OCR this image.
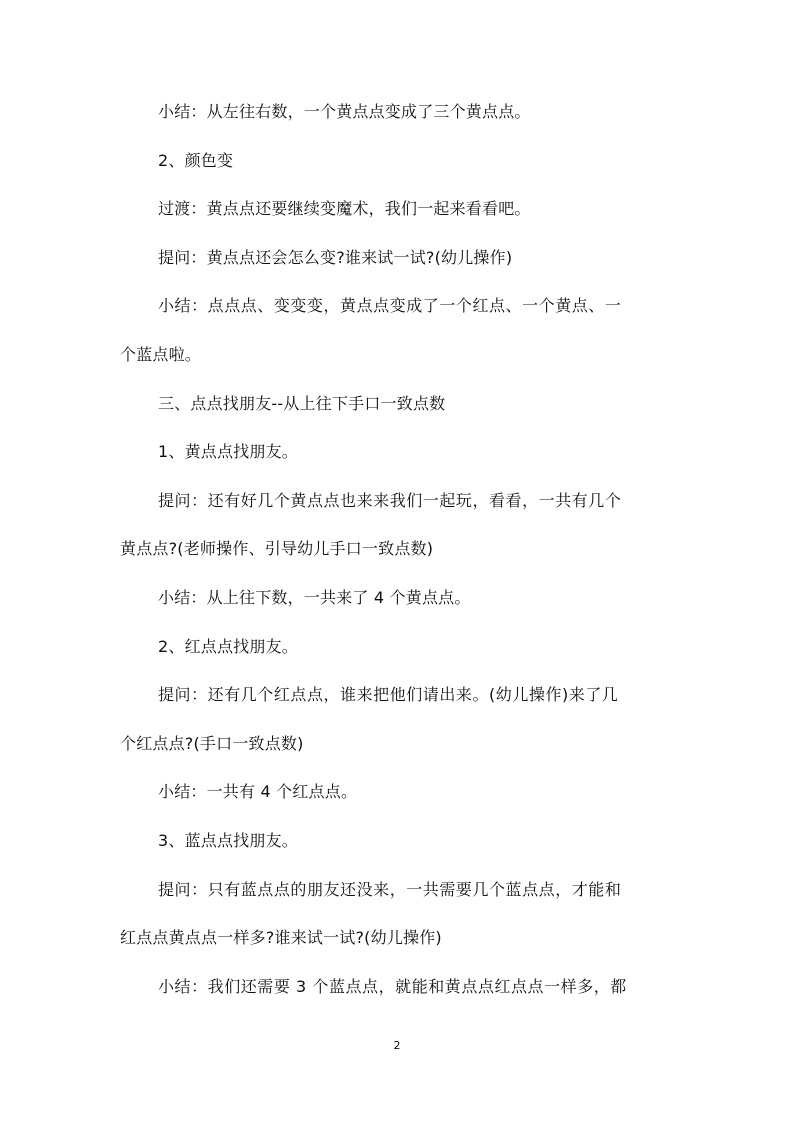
小结：从左往右数，一个黄点点变成了三个黄点点。
2、颜色变
过渡：黄点点还要继续变魔术，我们一起来看看吧。
提问：黄点点还会怎么变?谁来试一试?(幼儿操作)
小结：点点点、变变变，黄点点变成了一个红点、一个黄点、一
个蓝点啦。
三、点点找朋友--从上往下手口一致点数
1、黄点点找朋友。
提问：还有好几个黄点点也来来我们一起玩，看看，一共有几个
黄点点?(老师操作、引导幼儿手口一致点数)
小结：从上往下数，一共来了 4 个黄点点。
2、红点点找朋友。
提问：还有几个红点点，谁来把他们请出来。(幼儿操作)来了几
个红点点?(手口一致点数)
小结：一共有 4 个红点点。
3、蓝点点找朋友。
提问：只有蓝点点的朋友还没来，一共需要几个蓝点点，才能和
红点点黄点点一样多?谁来试一试?(幼儿操作)
小结：我们还需要 3 个蓝点点，就能和黄点点红点点一样多，都
2
